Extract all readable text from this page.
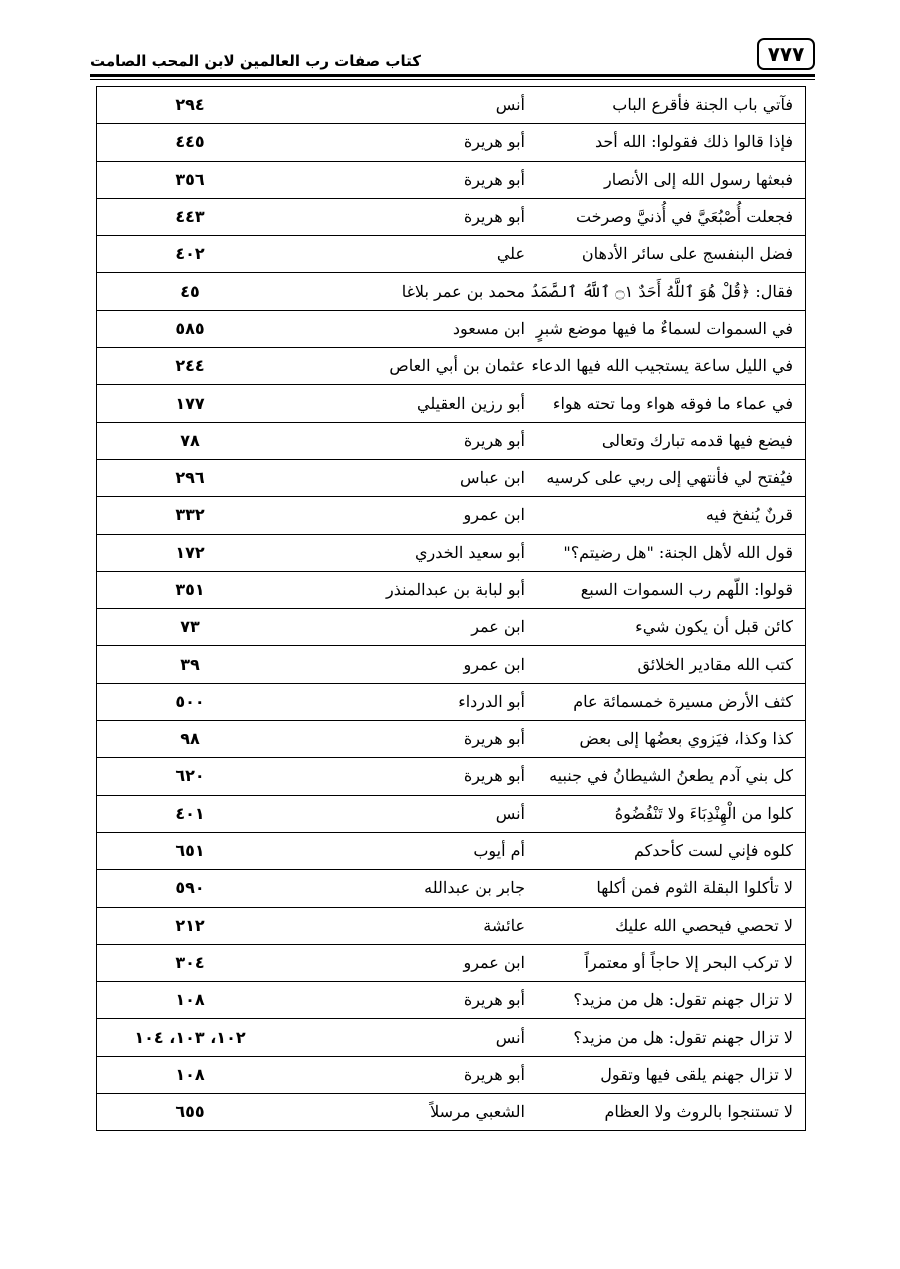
٧٧٧
كتاب صفات رب العالمين لابن المحب الصامت
فآتي باب الجنة فأقرع الباب	أنس	٢٩٤
فإذا قالوا ذلك فقولوا: الله أحد	أبو هريرة	٤٤٥
فبعثها رسول الله إلى الأنصار	أبو هريرة	٣٥٦
فجعلت أُصْبُعَيَّ في أُذنيَّ وصرخت	أبو هريرة	٤٤٣
فضل البنفسج على سائر الأدهان	علي	٤٠٢
فقال: ﴿قُلْ هُوَ ٱللَّهُ أَحَدٌ ۝١ ٱللَّهُ ٱلصَّمَدُ	محمد بن عمر بلاغا	٤٥
في السموات لسماءٌ ما فيها موضع شبرٍ	ابن مسعود	٥٨٥
في الليل ساعة يستجيب الله فيها الدعاء	عثمان بن أبي العاص	٢٤٤
في عماء ما فوقه هواء وما تحته هواء	أبو رزين العقيلي	١٧٧
فيضع فيها قدمه تبارك وتعالى	أبو هريرة	٧٨
فيُفتح لي فأنتهي إلى ربي على كرسيه	ابن عباس	٢٩٦
قرنٌ يُنفخ فيه	ابن عمرو	٣٣٢
قول الله لأهل الجنة: "هل رضيتم؟"	أبو سعيد الخدري	١٧٢
قولوا: اللّهم رب السموات السبع	أبو لبابة بن عبدالمنذر	٣٥١
كائن قبل أن يكون شيء	ابن عمر	٧٣
كتب الله مقادير الخلائق	ابن عمرو	٣٩
كثف الأرض مسيرة خمسمائة عام	أبو الدرداء	٥٠٠
كذا وكذا، فيَزوي بعضُها إلى بعض	أبو هريرة	٩٨
كل بني آدم يطعنُ الشيطانُ في جنبيه	أبو هريرة	٦٢٠
كلوا من الْهِنْدِبَاءَ ولا تَنْفُضُوهُ	أنس	٤٠١
كلوه فإني لست كأحدكم	أم أيوب	٦٥١
لا تأكلوا البقلة الثوم فمن أكلها	جابر بن عبدالله	٥٩٠
لا تحصي فيحصي الله عليك	عائشة	٢١٢
لا تركب البحر إلا حاجاً أو معتمراً	ابن عمرو	٣٠٤
لا تزال جهنم تقول: هل من مزيد؟	أبو هريرة	١٠٨
لا تزال جهنم تقول: هل من مزيد؟	أنس	١٠٢، ١٠٣، ١٠٤
لا تزال جهنم يلقى فيها وتقول	أبو هريرة	١٠٨
لا تستنجوا بالروث ولا العظام	الشعبي مرسلاً	٦٥٥
